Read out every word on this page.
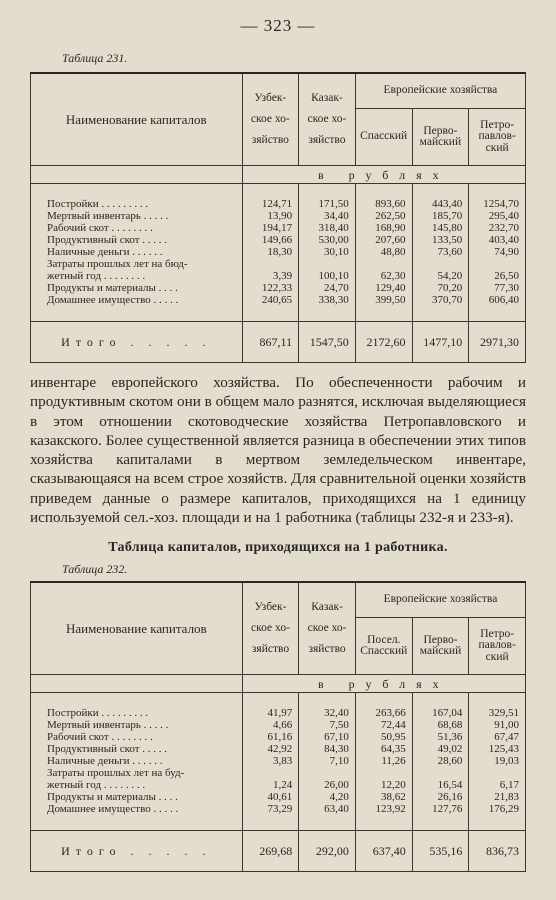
— 323 —
Таблица 231.
Наименование капиталов	Узбек-
ское хо-
зяйство	Казак-
ское хо-
зяйство	Европейские хозяйства		
			Спасский	Перво-
майский	Петро-
павлов-
ский
	в рублях				
Постройки . . . . . . . . .	124,71	171,50	893,60	443,40	1254,70
Мертвый инвентарь . . . . .	13,90	34,40	262,50	185,70	295,40
Рабочий скот . . . . . . . .	194,17	318,40	168,90	145,80	232,70
Продуктивный скот . . . . .	149,66	530,00	207,60	133,50	403,40
Наличные деньги . . . . . .	18,30	30,10	48,80	73,60	74,90
Затраты прошлых лет на бюд-					
жетный год . . . . . . . .	3,39	100,10	62,30	54,20	26,50
Продукты и материалы . . . .	122,33	24,70	129,40	70,20	77,30
Домашнее имущество . . . . .	240,65	338,30	399,50	370,70	606,40
Итого . . . . .	867,11	1547,50	2172,60	1477,10	2971,30

инвентаре европейского хозяйства. По обеспеченности рабочим и продуктивным скотом они в общем мало разнятся, исключая выделяющиеся в этом отношении скотоводческие хозяйства Петропавловского и казакского. Более существенной является разница в обеспечении этих типов хозяйства капиталами в мертвом земледельческом инвентаре, сказывающаяся на всем строе хозяйств. Для сравнительной оценки хозяйств приведем данные о размере капиталов, приходящихся на 1 единицу используемой сел.-хоз. площади и на 1 работника (таблицы 232-я и 233-я).

Таблица капиталов, приходящихся на 1 работника.
Таблица 232.
Наименование капиталов	Узбек-
ское хо-
зяйство	Казак-
ское хо-
зяйство	Европейские хозяйства		
			Посел.
Спасский	Перво-
майский	Петро-
павлов-
ский
	в рублях				
Постройки . . . . . . . . .	41,97	32,40	263,66	167,04	329,51
Мертвый инвентарь . . . . .	4,66	7,50	72,44	68,68	91,00
Рабочий скот . . . . . . . .	61,16	67,10	50,95	51,36	67,47
Продуктивный скот . . . . .	42,92	84,30	64,35	49,02	125,43
Наличные деньги . . . . . .	3,83	7,10	11,26	28,60	19,03
Затраты прошлых лет на буд-					
жетный год . . . . . . . .	1,24	26,00	12,20	16,54	6,17
Продукты и материалы . . . .	40,61	4,20	38,62	26,16	21,83
Домашнее имущество . . . . .	73,29	63,40	123,92	127,76	176,29
Итого . . . . .	269,68	292,00	637,40	535,16	836,73
